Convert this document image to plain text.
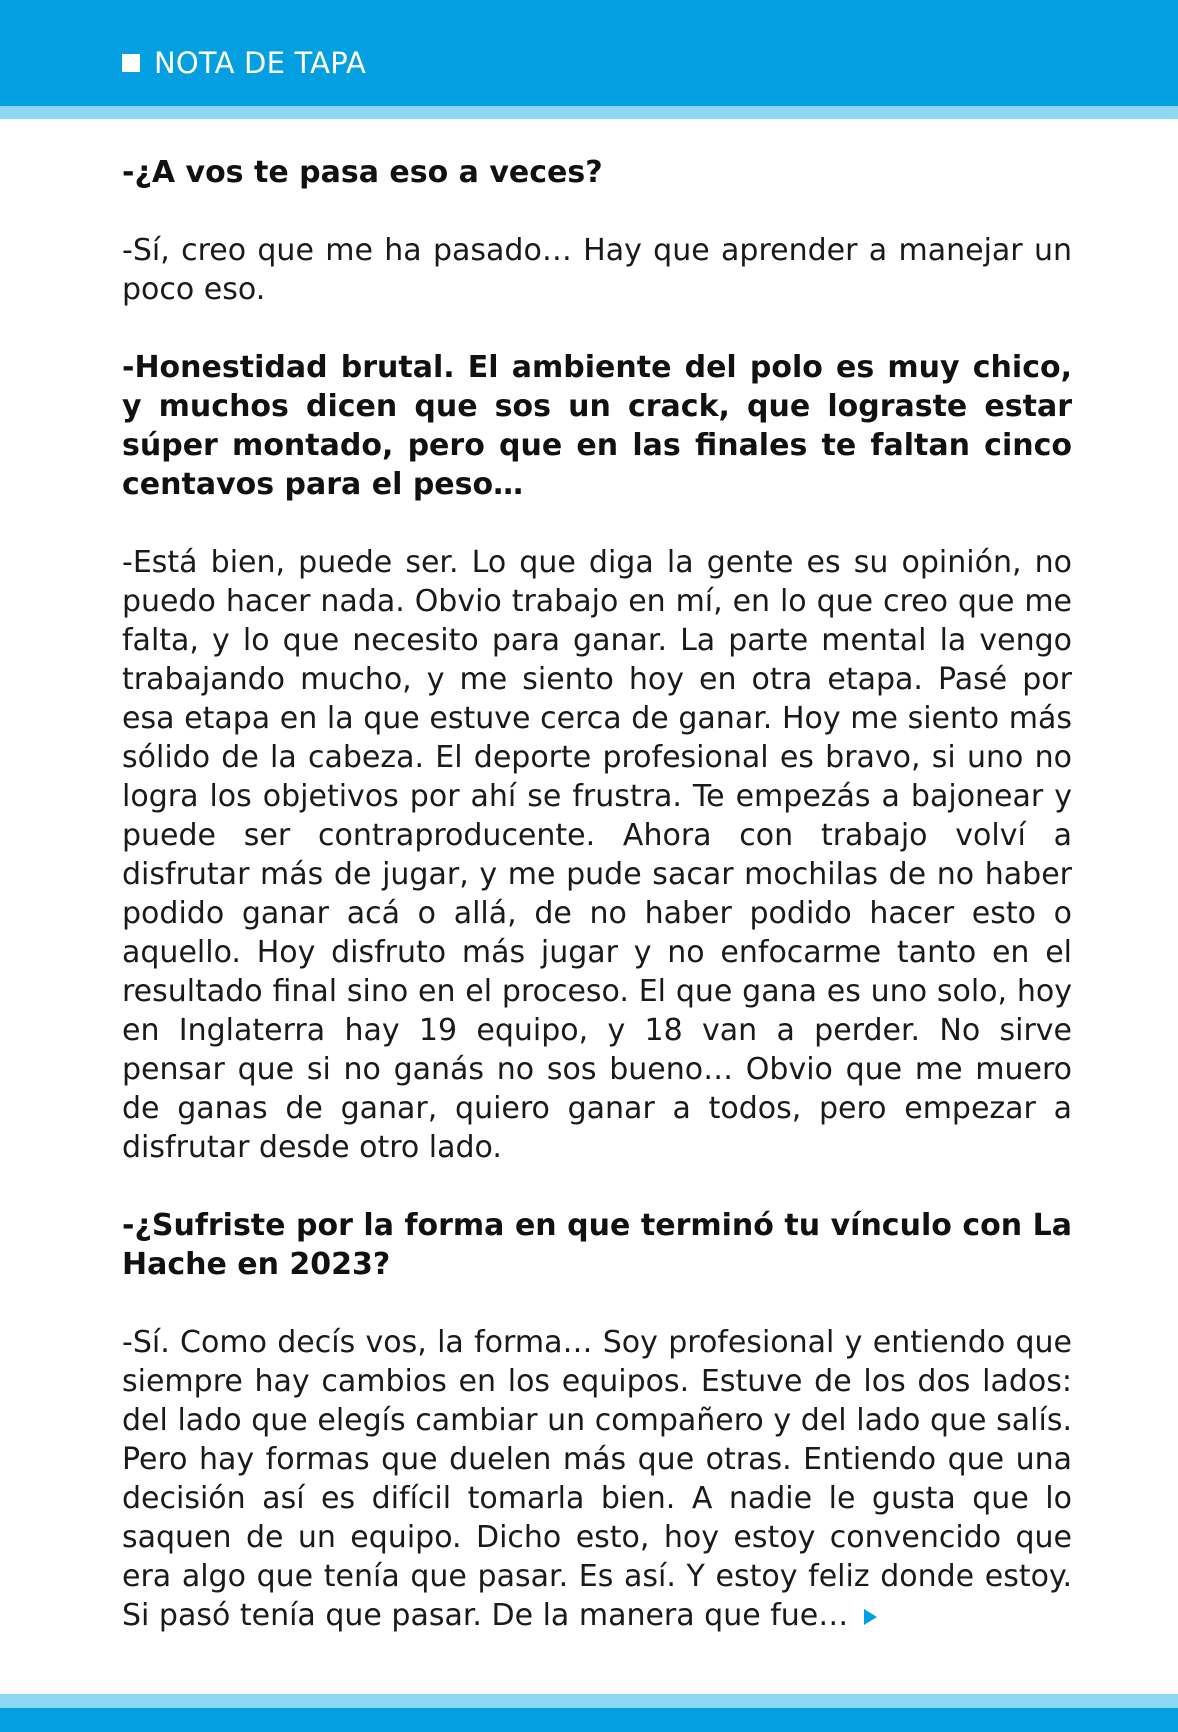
NOTA DE TAPA

-¿A vos te pasa eso a veces?

-Sí, creo que me ha pasado… Hay que aprender a manejar un poco eso.

-Honestidad brutal. El ambiente del polo es muy chico, y muchos dicen que sos un crack, que lograste estar súper montado, pero que en las finales te faltan cinco centavos para el peso…

-Está bien, puede ser. Lo que diga la gente es su opinión, no puedo hacer nada. Obvio trabajo en mí, en lo que creo que me falta, y lo que necesito para ganar. La parte mental la vengo trabajando mucho, y me siento hoy en otra etapa. Pasé por esa etapa en la que estuve cerca de ganar. Hoy me siento más sólido de la cabeza. El deporte profesional es bravo, si uno no logra los objetivos por ahí se frustra. Te empezás a bajonear y puede ser contraproducente. Ahora con trabajo volví a disfrutar más de jugar, y me pude sacar mochilas de no haber podido ganar acá o allá, de no haber podido hacer esto o aquello. Hoy disfruto más jugar y no enfocarme tanto en el resultado final sino en el proceso. El que gana es uno solo, hoy en Inglaterra hay 19 equipo, y 18 van a perder. No sirve pensar que si no ganás no sos bueno… Obvio que me muero de ganas de ganar, quiero ganar a todos, pero empezar a disfrutar desde otro lado.

-¿Sufriste por la forma en que terminó tu vínculo con La Hache en 2023?

-Sí. Como decís vos, la forma… Soy profesional y entiendo que siempre hay cambios en los equipos. Estuve de los dos lados: del lado que elegís cambiar un compañero y del lado que salís. Pero hay formas que duelen más que otras. Entiendo que una decisión así es difícil tomarla bien. A nadie le gusta que lo saquen de un equipo. Dicho esto, hoy estoy convencido que era algo que tenía que pasar. Es así. Y estoy feliz donde estoy. Si pasó tenía que pasar. De la manera que fue…
